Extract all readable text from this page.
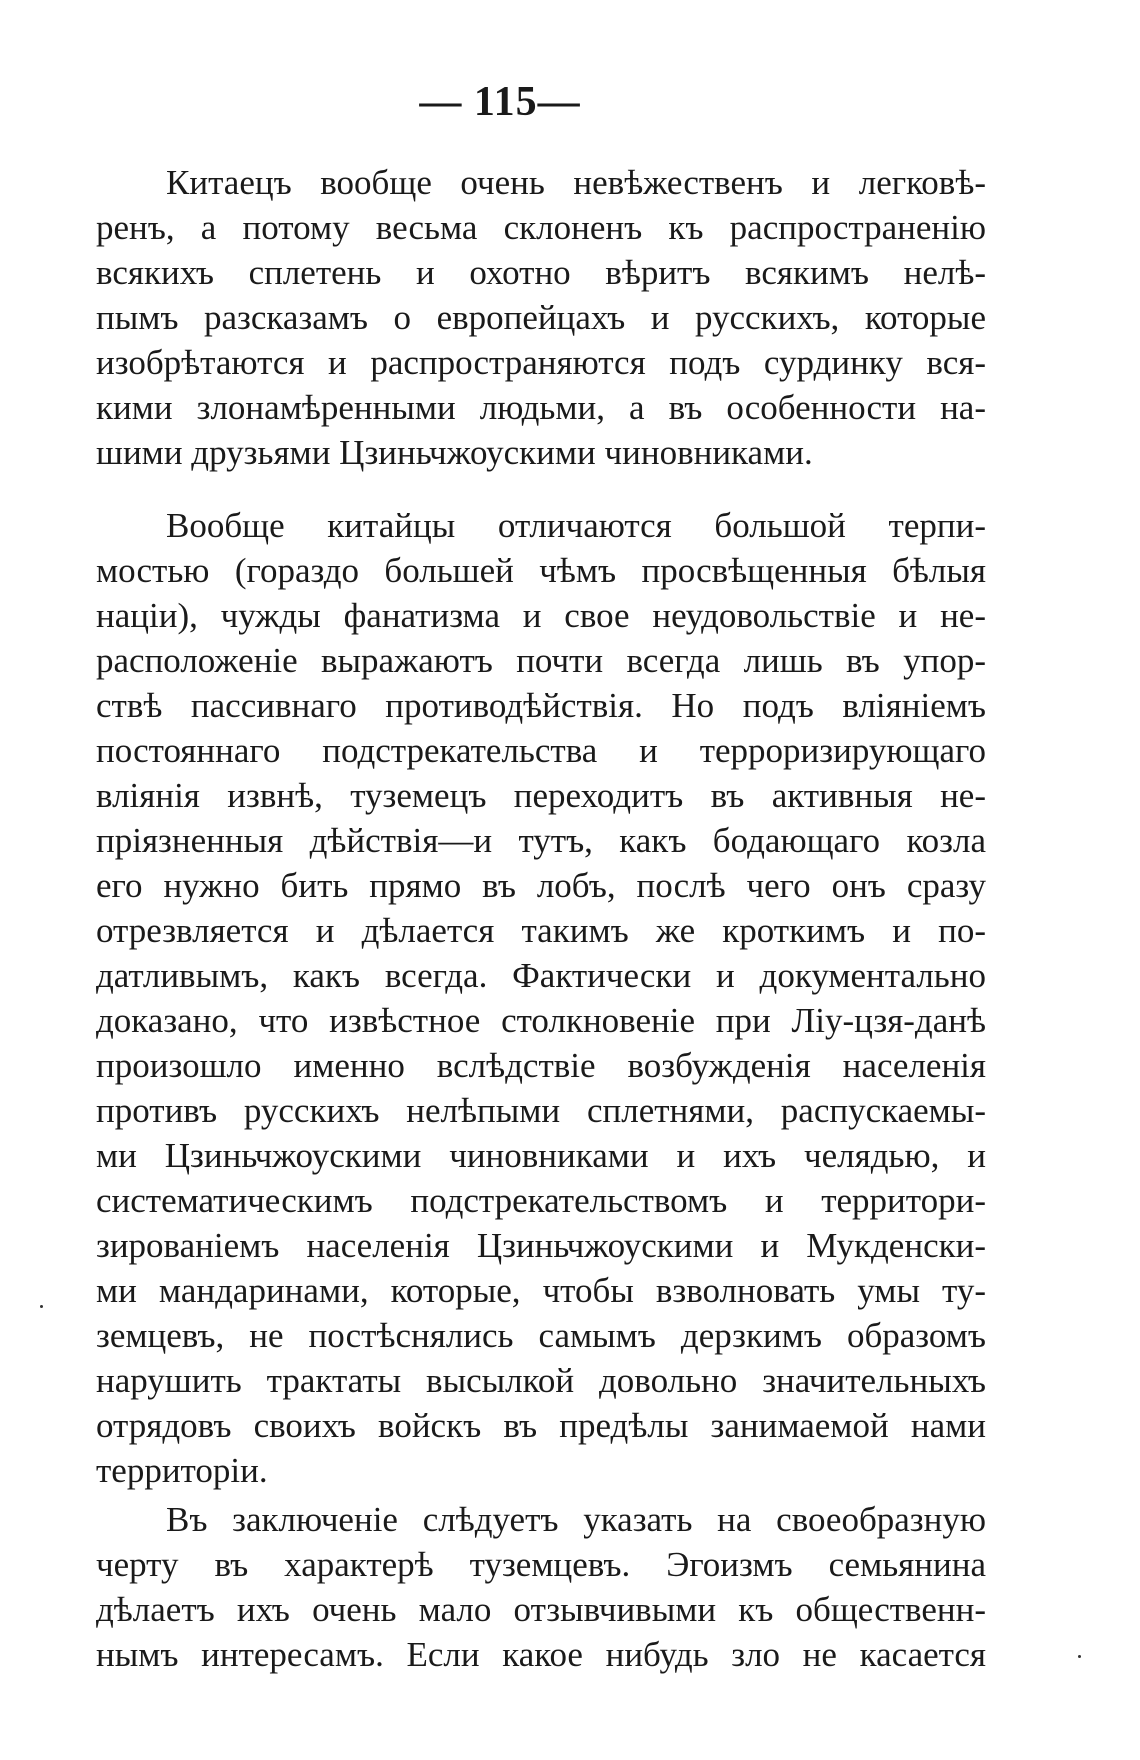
— 115—
Китаецъ вообще очень невѣжественъ и легковѣ-
ренъ, а потому весьма склоненъ къ распространенiю
всякихъ сплетень и охотно вѣритъ всякимъ нелѣ-
пымъ разсказамъ о европейцахъ и русскихъ, которые
изобрѣтаются и распространяются подъ сурдинку вся-
кими злонамѣренными людьми, а въ особенности на-
шими друзьями Цзиньчжоускими чиновниками.
Вообще китайцы отличаются большой терпи-
мостью (гораздо большей чѣмъ просвѣщенныя бѣлыя
націи), чужды фанатизма и свое неудовольствіе и не-
расположеніе выражаютъ почти всегда лишь въ упор-
ствѣ пассивнаго противодѣйствія. Но подъ вліяніемъ
постояннаго подстрекательства и терроризирующаго
вліянія извнѣ, туземецъ переходитъ въ активныя не-
пріязненныя дѣйствія—и тутъ, какъ бодающаго козла
его нужно бить прямо въ лобъ, послѣ чего онъ сразу
отрезвляется и дѣлается такимъ же кроткимъ и по-
датливымъ, какъ всегда. Фактически и документально
доказано, что извѣстное столкновеніе при Ліу-цзя-данѣ
произошло именно вслѣдствіе возбужденія населенія
противъ русскихъ нелѣпыми сплетнями, распускаемы-
ми Цзиньчжоускими чиновниками и ихъ челядью, и
систематическимъ подстрекательствомъ и территори-
зированіемъ населенія Цзиньчжоускими и Мукденски-
ми мандаринами, которые, чтобы взволновать умы ту-
земцевъ, не постѣснялись самымъ дерзкимъ образомъ
нарушить трактаты высылкой довольно значительныхъ
отрядовъ своихъ войскъ въ предѣлы занимаемой нами
территоріи.
Въ заключеніе слѣдуетъ указать на своеобразную
черту въ характерѣ туземцевъ. Эгоизмъ семьянина
дѣлаетъ ихъ очень мало отзывчивыми къ общественн-
нымъ интересамъ. Если какое нибудь зло не касается
